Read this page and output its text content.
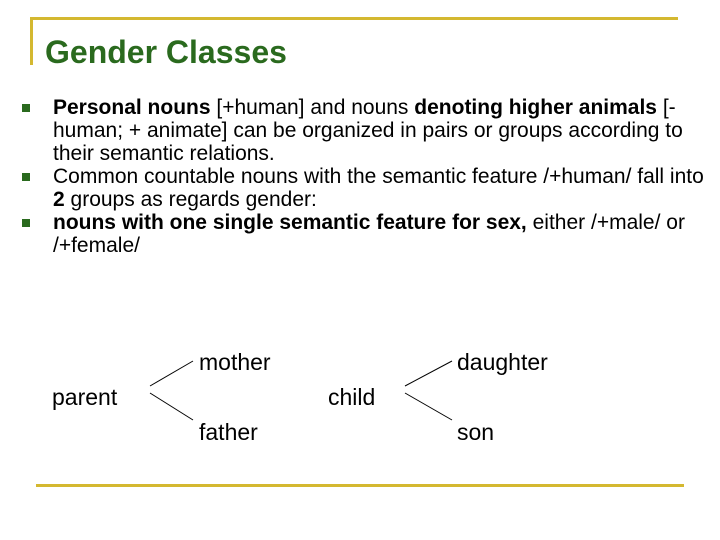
Gender Classes
Personal nouns [+human] and nouns denoting higher animals [- human; + animate] can be organized in pairs or groups according to their semantic relations.
Common countable nouns with the semantic feature /+human/ fall into 2 groups as regards gender:
nouns with one single semantic feature for sex, either /+male/ or /+female/
parent
mother
father
child
daughter
son
